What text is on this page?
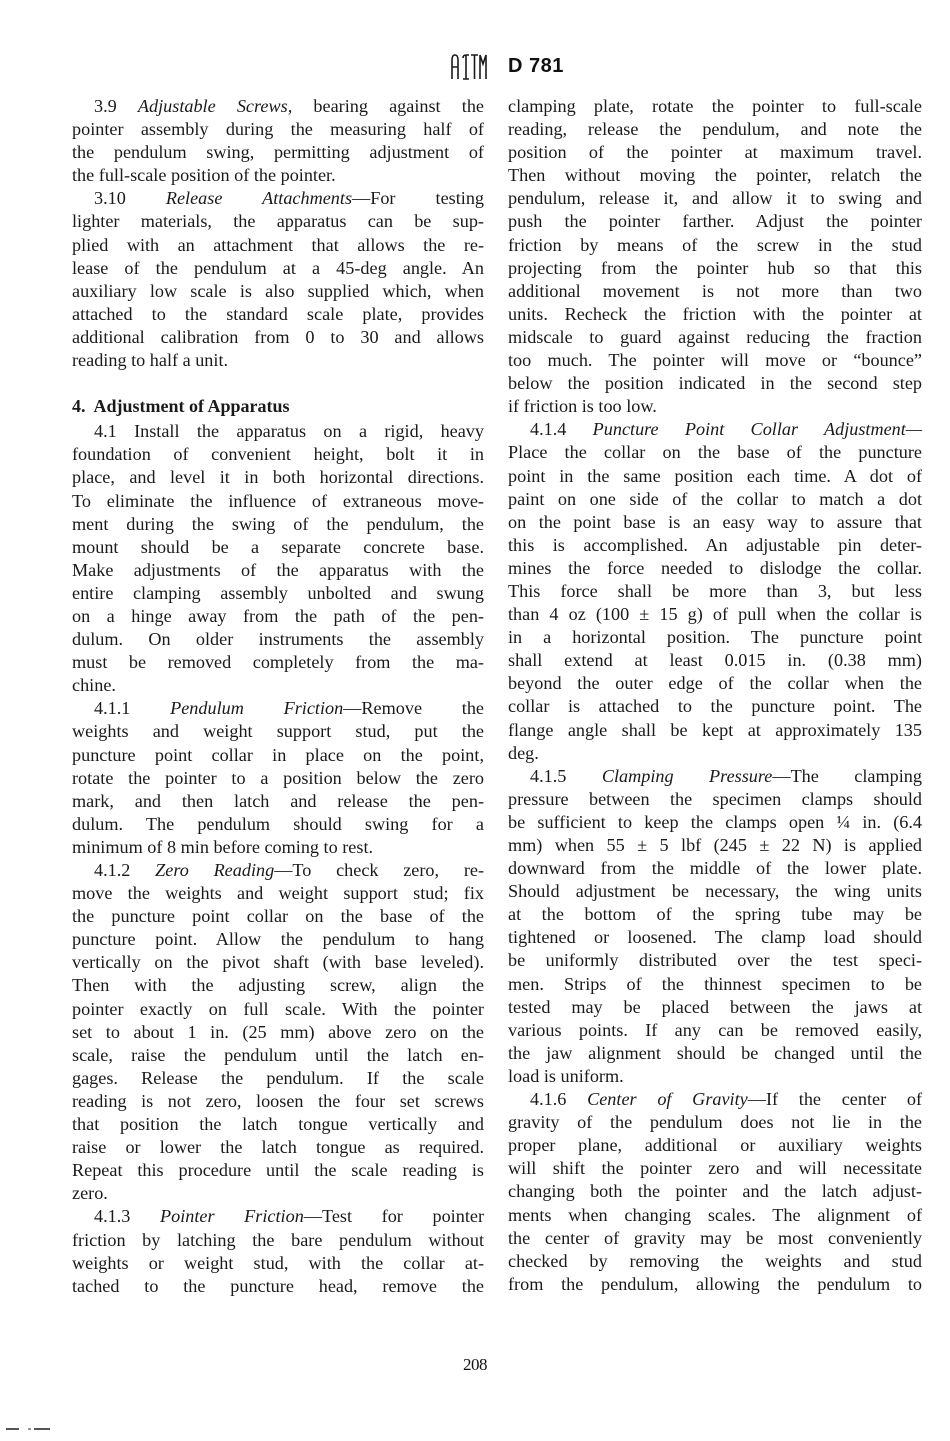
D 781
3.9 Adjustable Screws, bearing against the
pointer assembly during the measuring half of
the pendulum swing, permitting adjustment of
the full-scale position of the pointer.
3.10 Release Attachments—For testing
lighter materials, the apparatus can be sup-
plied with an attachment that allows the re-
lease of the pendulum at a 45-deg angle. An
auxiliary low scale is also supplied which, when
attached to the standard scale plate, provides
additional calibration from 0 to 30 and allows
reading to half a unit.
4. Adjustment of Apparatus
4.1 Install the apparatus on a rigid, heavy
foundation of convenient height, bolt it in
place, and level it in both horizontal directions.
To eliminate the influence of extraneous move-
ment during the swing of the pendulum, the
mount should be a separate concrete base.
Make adjustments of the apparatus with the
entire clamping assembly unbolted and swung
on a hinge away from the path of the pen-
dulum. On older instruments the assembly
must be removed completely from the ma-
chine.
4.1.1 Pendulum Friction—Remove the
weights and weight support stud, put the
puncture point collar in place on the point,
rotate the pointer to a position below the zero
mark, and then latch and release the pen-
dulum. The pendulum should swing for a
minimum of 8 min before coming to rest.
4.1.2 Zero Reading—To check zero, re-
move the weights and weight support stud; fix
the puncture point collar on the base of the
puncture point. Allow the pendulum to hang
vertically on the pivot shaft (with base leveled).
Then with the adjusting screw, align the
pointer exactly on full scale. With the pointer
set to about 1 in. (25 mm) above zero on the
scale, raise the pendulum until the latch en-
gages. Release the pendulum. If the scale
reading is not zero, loosen the four set screws
that position the latch tongue vertically and
raise or lower the latch tongue as required.
Repeat this procedure until the scale reading is
zero.
4.1.3 Pointer Friction—Test for pointer
friction by latching the bare pendulum without
weights or weight stud, with the collar at-
tached to the puncture head, remove the
clamping plate, rotate the pointer to full-scale
reading, release the pendulum, and note the
position of the pointer at maximum travel.
Then without moving the pointer, relatch the
pendulum, release it, and allow it to swing and
push the pointer farther. Adjust the pointer
friction by means of the screw in the stud
projecting from the pointer hub so that this
additional movement is not more than two
units. Recheck the friction with the pointer at
midscale to guard against reducing the fraction
too much. The pointer will move or “bounce”
below the position indicated in the second step
if friction is too low.
4.1.4 Puncture Point Collar Adjustment—
Place the collar on the base of the puncture
point in the same position each time. A dot of
paint on one side of the collar to match a dot
on the point base is an easy way to assure that
this is accomplished. An adjustable pin deter-
mines the force needed to dislodge the collar.
This force shall be more than 3, but less
than 4 oz (100 ± 15 g) of pull when the collar is
in a horizontal position. The puncture point
shall extend at least 0.015 in. (0.38 mm)
beyond the outer edge of the collar when the
collar is attached to the puncture point. The
flange angle shall be kept at approximately 135
deg.
4.1.5 Clamping Pressure—The clamping
pressure between the specimen clamps should
be sufficient to keep the clamps open ¼ in. (6.4
mm) when 55 ± 5 lbf (245 ± 22 N) is applied
downward from the middle of the lower plate.
Should adjustment be necessary, the wing units
at the bottom of the spring tube may be
tightened or loosened. The clamp load should
be uniformly distributed over the test speci-
men. Strips of the thinnest specimen to be
tested may be placed between the jaws at
various points. If any can be removed easily,
the jaw alignment should be changed until the
load is uniform.
4.1.6 Center of Gravity—If the center of
gravity of the pendulum does not lie in the
proper plane, additional or auxiliary weights
will shift the pointer zero and will necessitate
changing both the pointer and the latch adjust-
ments when changing scales. The alignment of
the center of gravity may be most conveniently
checked by removing the weights and stud
from the pendulum, allowing the pendulum to
208
